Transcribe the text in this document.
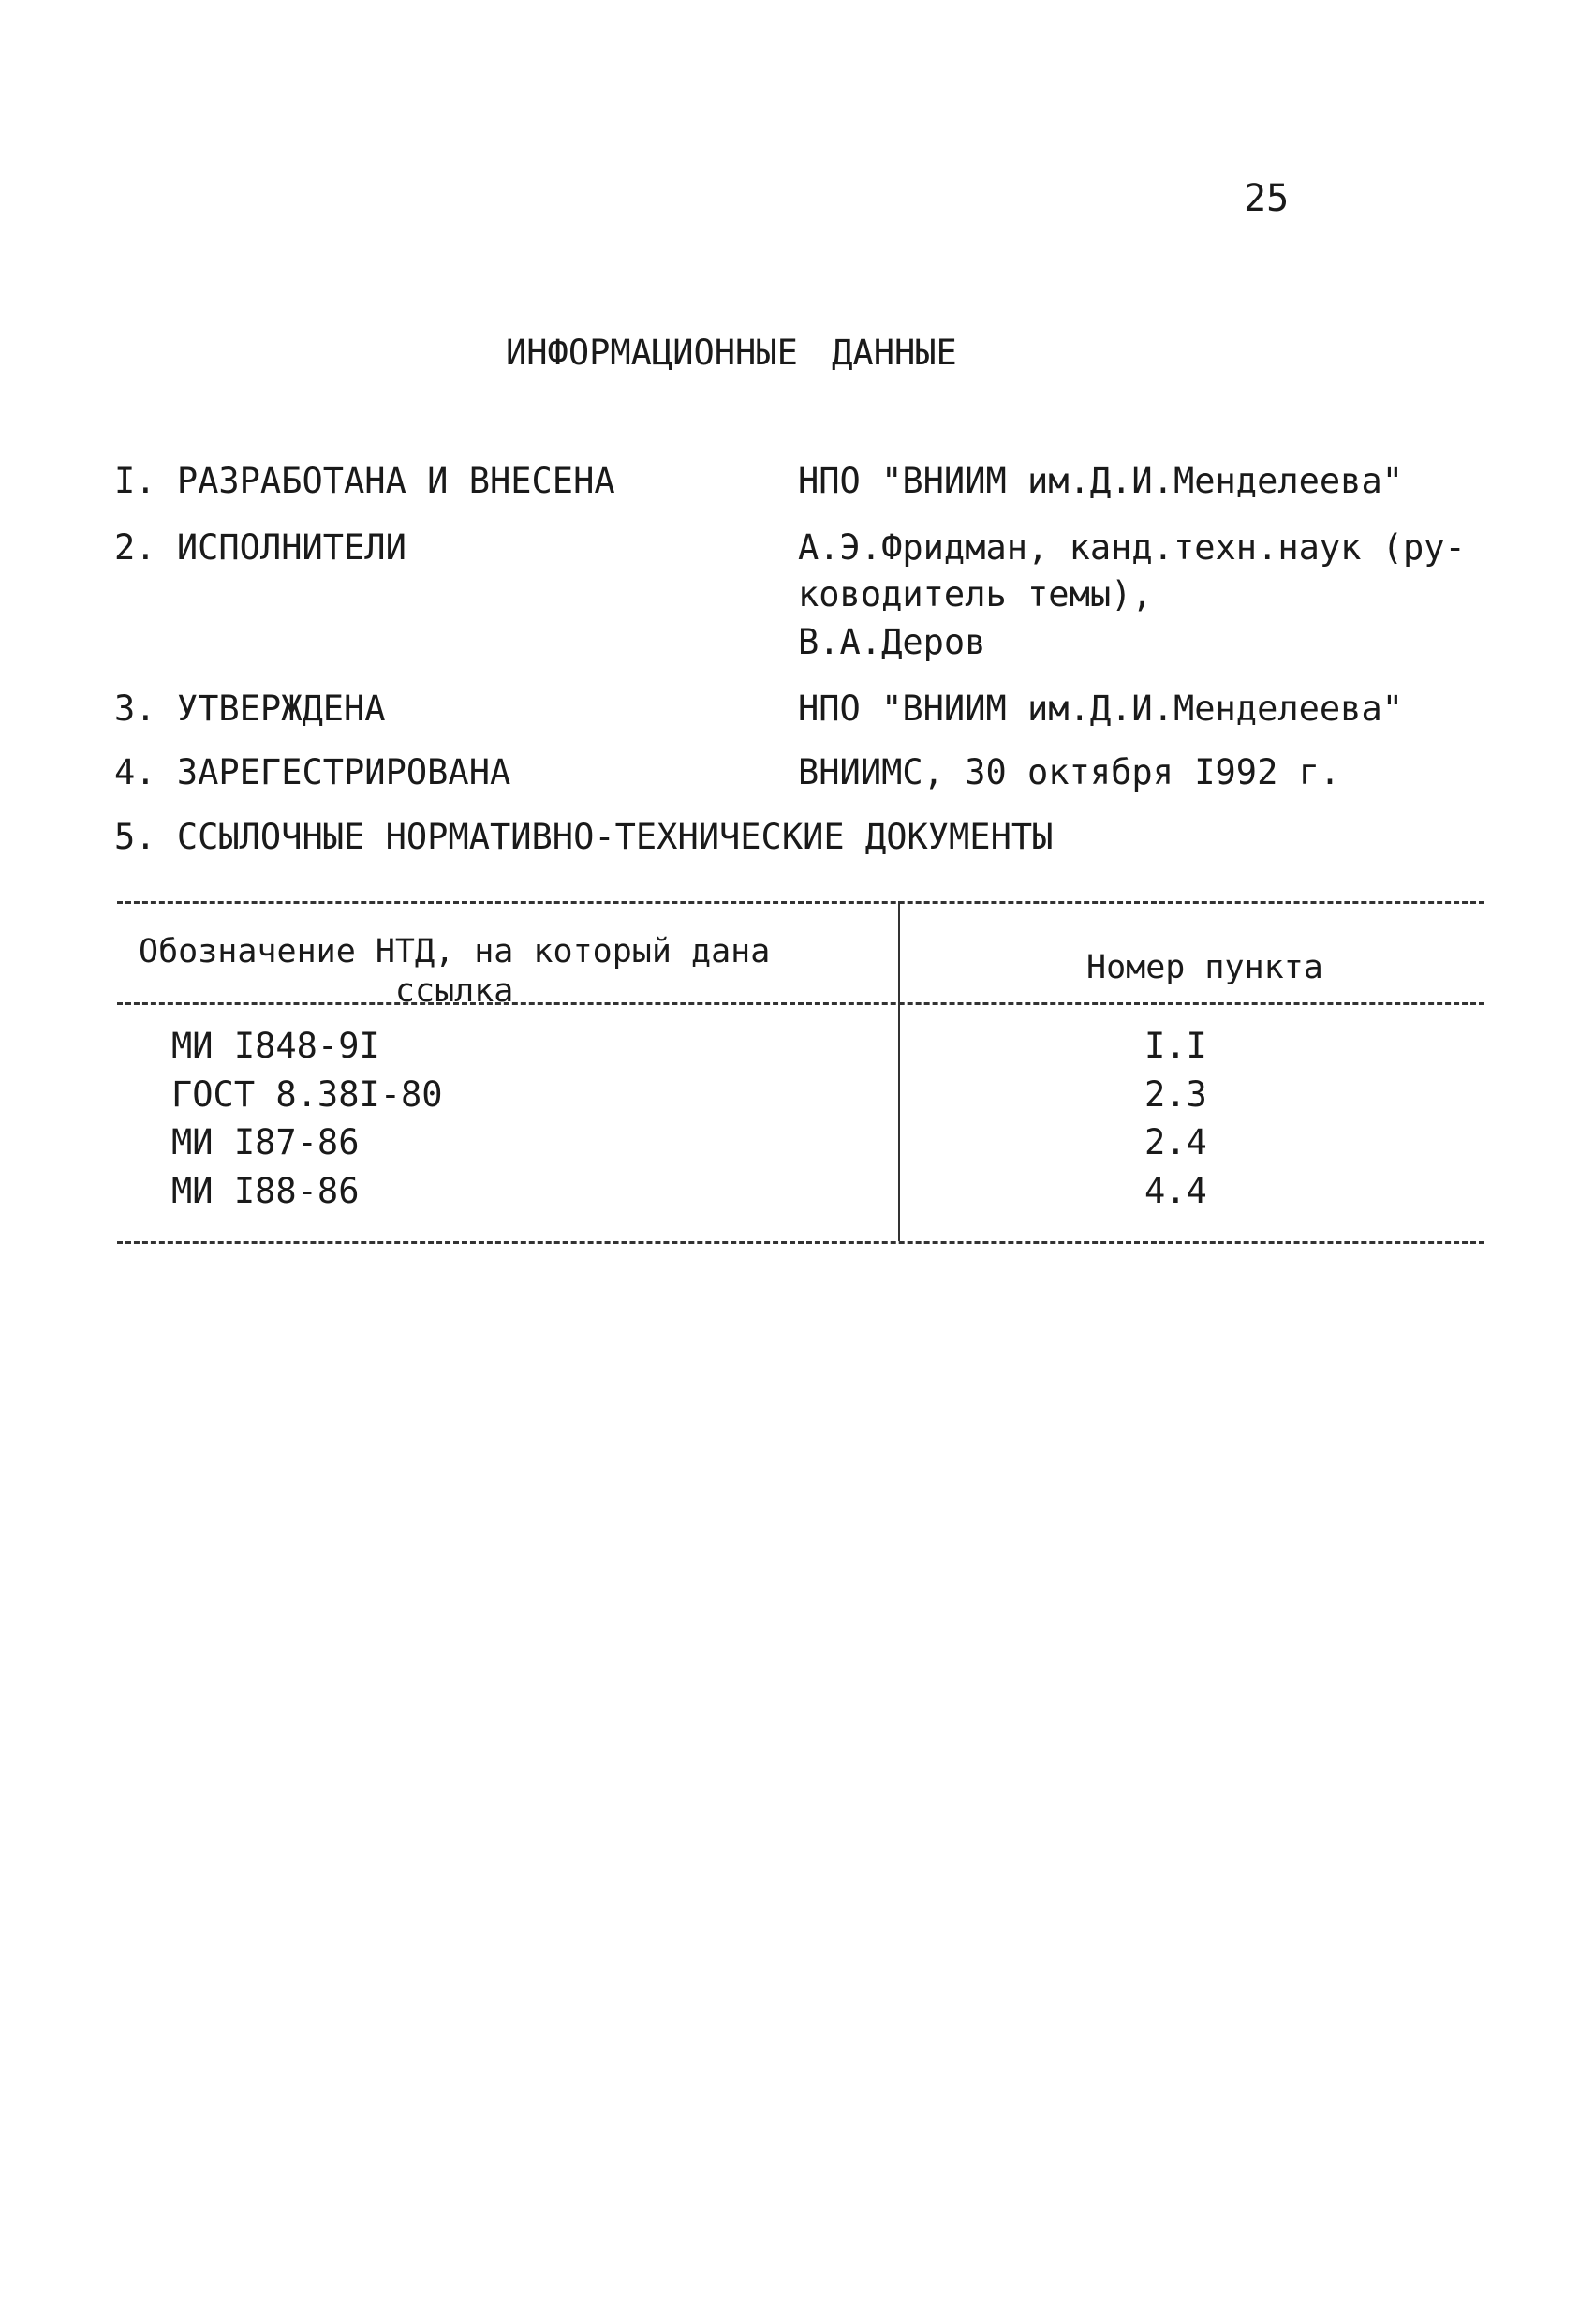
25
ИНФОРМАЦИОННЫЕ ДАННЫЕ
I. РАЗРАБОТАНА И ВНЕСЕНА	НПО "ВНИИМ им.Д.И.Менделеева"
2. ИСПОЛНИТЕЛИ	А.Э.Фридман, канд.техн.наук (ру-
ководитель темы),
В.А.Деров
3. УТВЕРЖДЕНА	НПО "ВНИИМ им.Д.И.Менделеева"
4. ЗАРЕГЕСТРИРОВАНА	ВНИИМС, 30 октября I992 г.
5. ССЫЛОЧНЫЕ НОРМАТИВНО-ТЕХНИЧЕСКИЕ ДОКУМЕНТЫ
Обозначение НТД, на который дана
ссылка
Номер пункта
МИ I848-9I	I.I
ГОСТ 8.38I-80	2.3
МИ I87-86	2.4
МИ I88-86	4.4
